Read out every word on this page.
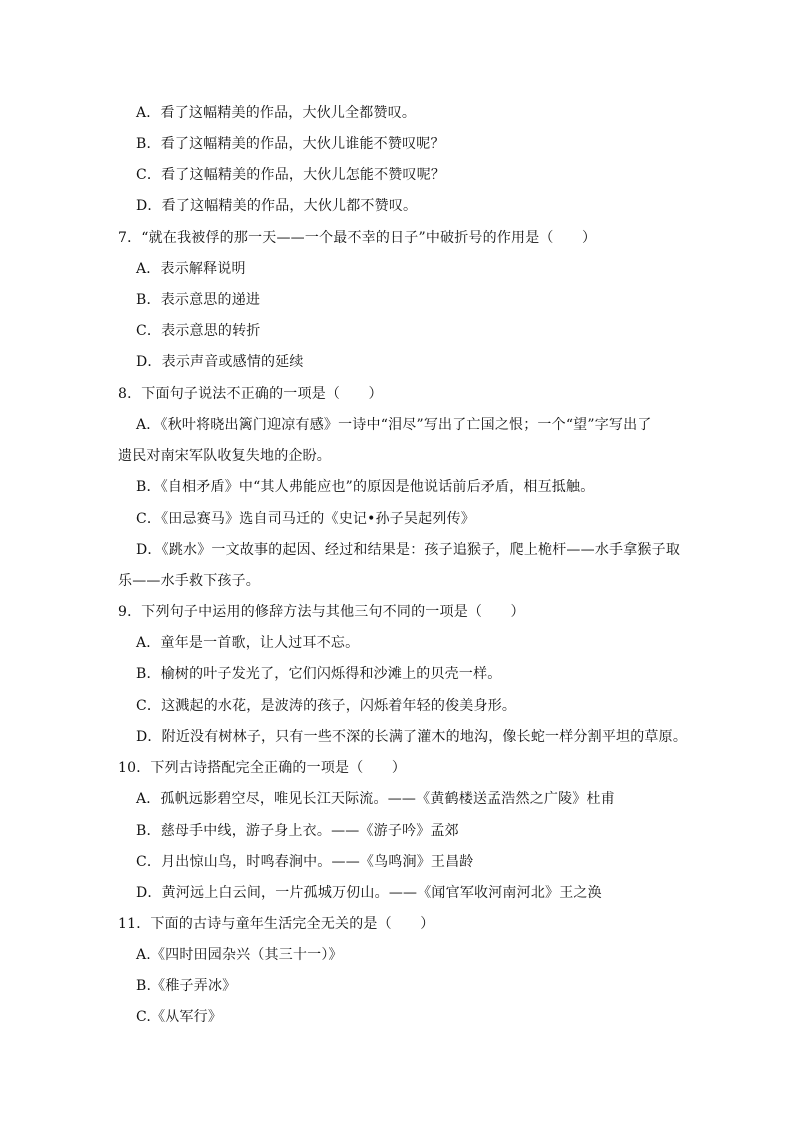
A．看了这幅精美的作品，大伙儿全都赞叹。
B．看了这幅精美的作品，大伙儿谁能不赞叹呢？
C．看了这幅精美的作品，大伙儿怎能不赞叹呢？
D．看了这幅精美的作品，大伙儿都不赞叹。
7．“就在我被俘的那一天——一个最不幸的日子”中破折号的作用是（　　）
A．表示解释说明
B．表示意思的递进
C．表示意思的转折
D．表示声音或感情的延续
8．下面句子说法不正确的一项是（　　）
A．《秋叶将晓出篱门迎凉有感》一诗中“泪尽”写出了亡国之恨；一个“望”字写出了
遗民对南宋军队收复失地的企盼。
B．《自相矛盾》中“其人弗能应也”的原因是他说话前后矛盾，相互抵触。
C．《田忌赛马》选自司马迁的《史记•孙子吴起列传》
D．《跳水》一文故事的起因、经过和结果是：孩子追猴子，爬上桅杆——水手拿猴子取
乐——水手救下孩子。
9．下列句子中运用的修辞方法与其他三句不同的一项是（　　）
A．童年是一首歌，让人过耳不忘。
B．榆树的叶子发光了，它们闪烁得和沙滩上的贝壳一样。
C．这溅起的水花，是波涛的孩子，闪烁着年轻的俊美身形。
D．附近没有树林子，只有一些不深的长满了灌木的地沟，像长蛇一样分割平坦的草原。
10．下列古诗搭配完全正确的一项是（　　）
A．孤帆远影碧空尽，唯见长江天际流。——《黄鹤楼送孟浩然之广陵》杜甫
B．慈母手中线，游子身上衣。——《游子吟》孟郊
C．月出惊山鸟，时鸣春涧中。——《鸟鸣涧》王昌龄
D．黄河远上白云间，一片孤城万仞山。——《闻官军收河南河北》王之涣
11．下面的古诗与童年生活完全无关的是（　　）
A.《四时田园杂兴（其三十一）》
B.《稚子弄冰》
C.《从军行》
